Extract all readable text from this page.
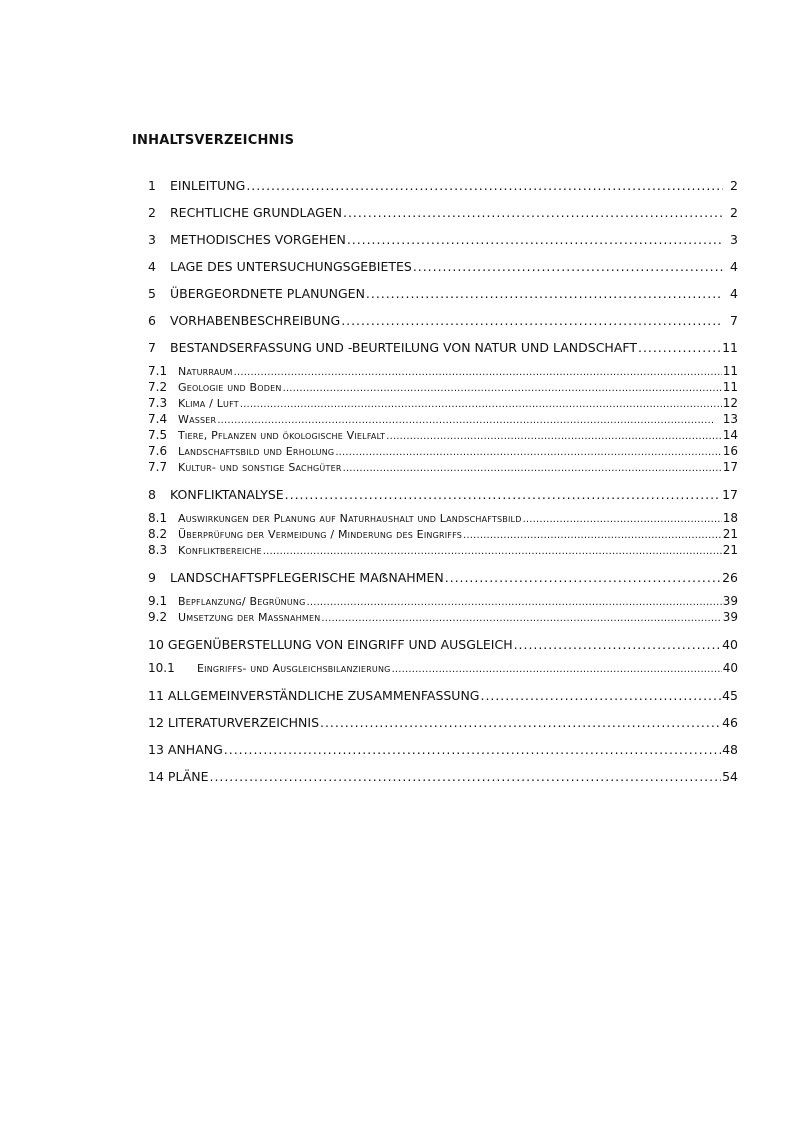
INHALTSVERZEICHNIS
1	EINLEITUNG . . .	2
2	RECHTLICHE GRUNDLAGEN . . .	2
3	METHODISCHES VORGEHEN . . .	3
4	LAGE DES UNTERSUCHUNGSGEBIETES . . .	4
5	ÜBERGEORDNETE PLANUNGEN . . .	4
6	VORHABENBESCHREIBUNG . . .	7
7	BESTANDSERFASSUNG UND -BEURTEILUNG VON NATUR UND LANDSCHAFT . . .	11
7.1 Naturraum . . .	11
7.2 Geologie und Boden . . .	11
7.3 Klima / Luft . . .	12
7.4 Wasser . . .	13
7.5 Tiere, Pflanzen und ökologische Vielfalt . . .	14
7.6 Landschaftsbild und Erholung . . .	16
7.7 Kultur- und sonstige Sachgüter . . .	17
8	KONFLIKTANALYSE . . .	17
8.1 Auswirkungen der Planung auf Naturhaushalt und Landschaftsbild . . .	18
8.2 Überprüfung der Vermeidung / Minderung des Eingriffs . . .	21
8.3 Konfliktbereiche . . .	21
9	LANDSCHAFTSPFLEGERISCHE MAẞNAHMEN . . .	26
9.1 Bepflanzung/ Begrünung . . .	39
9.2 Umsetzung der Maßnahmen . . .	39
10 GEGENÜBERSTELLUNG VON EINGRIFF UND AUSGLEICH . . .	40
10.1	Eingriffs- und Ausgleichsbilanzierung . . .	40
11 ALLGEMEINVERSTÄNDLICHE ZUSAMMENFASSUNG . . .	45
12 LITERATURVERZEICHNIS . . .	46
13 ANHANG . . .	48
14 PLÄNE . . .	54
